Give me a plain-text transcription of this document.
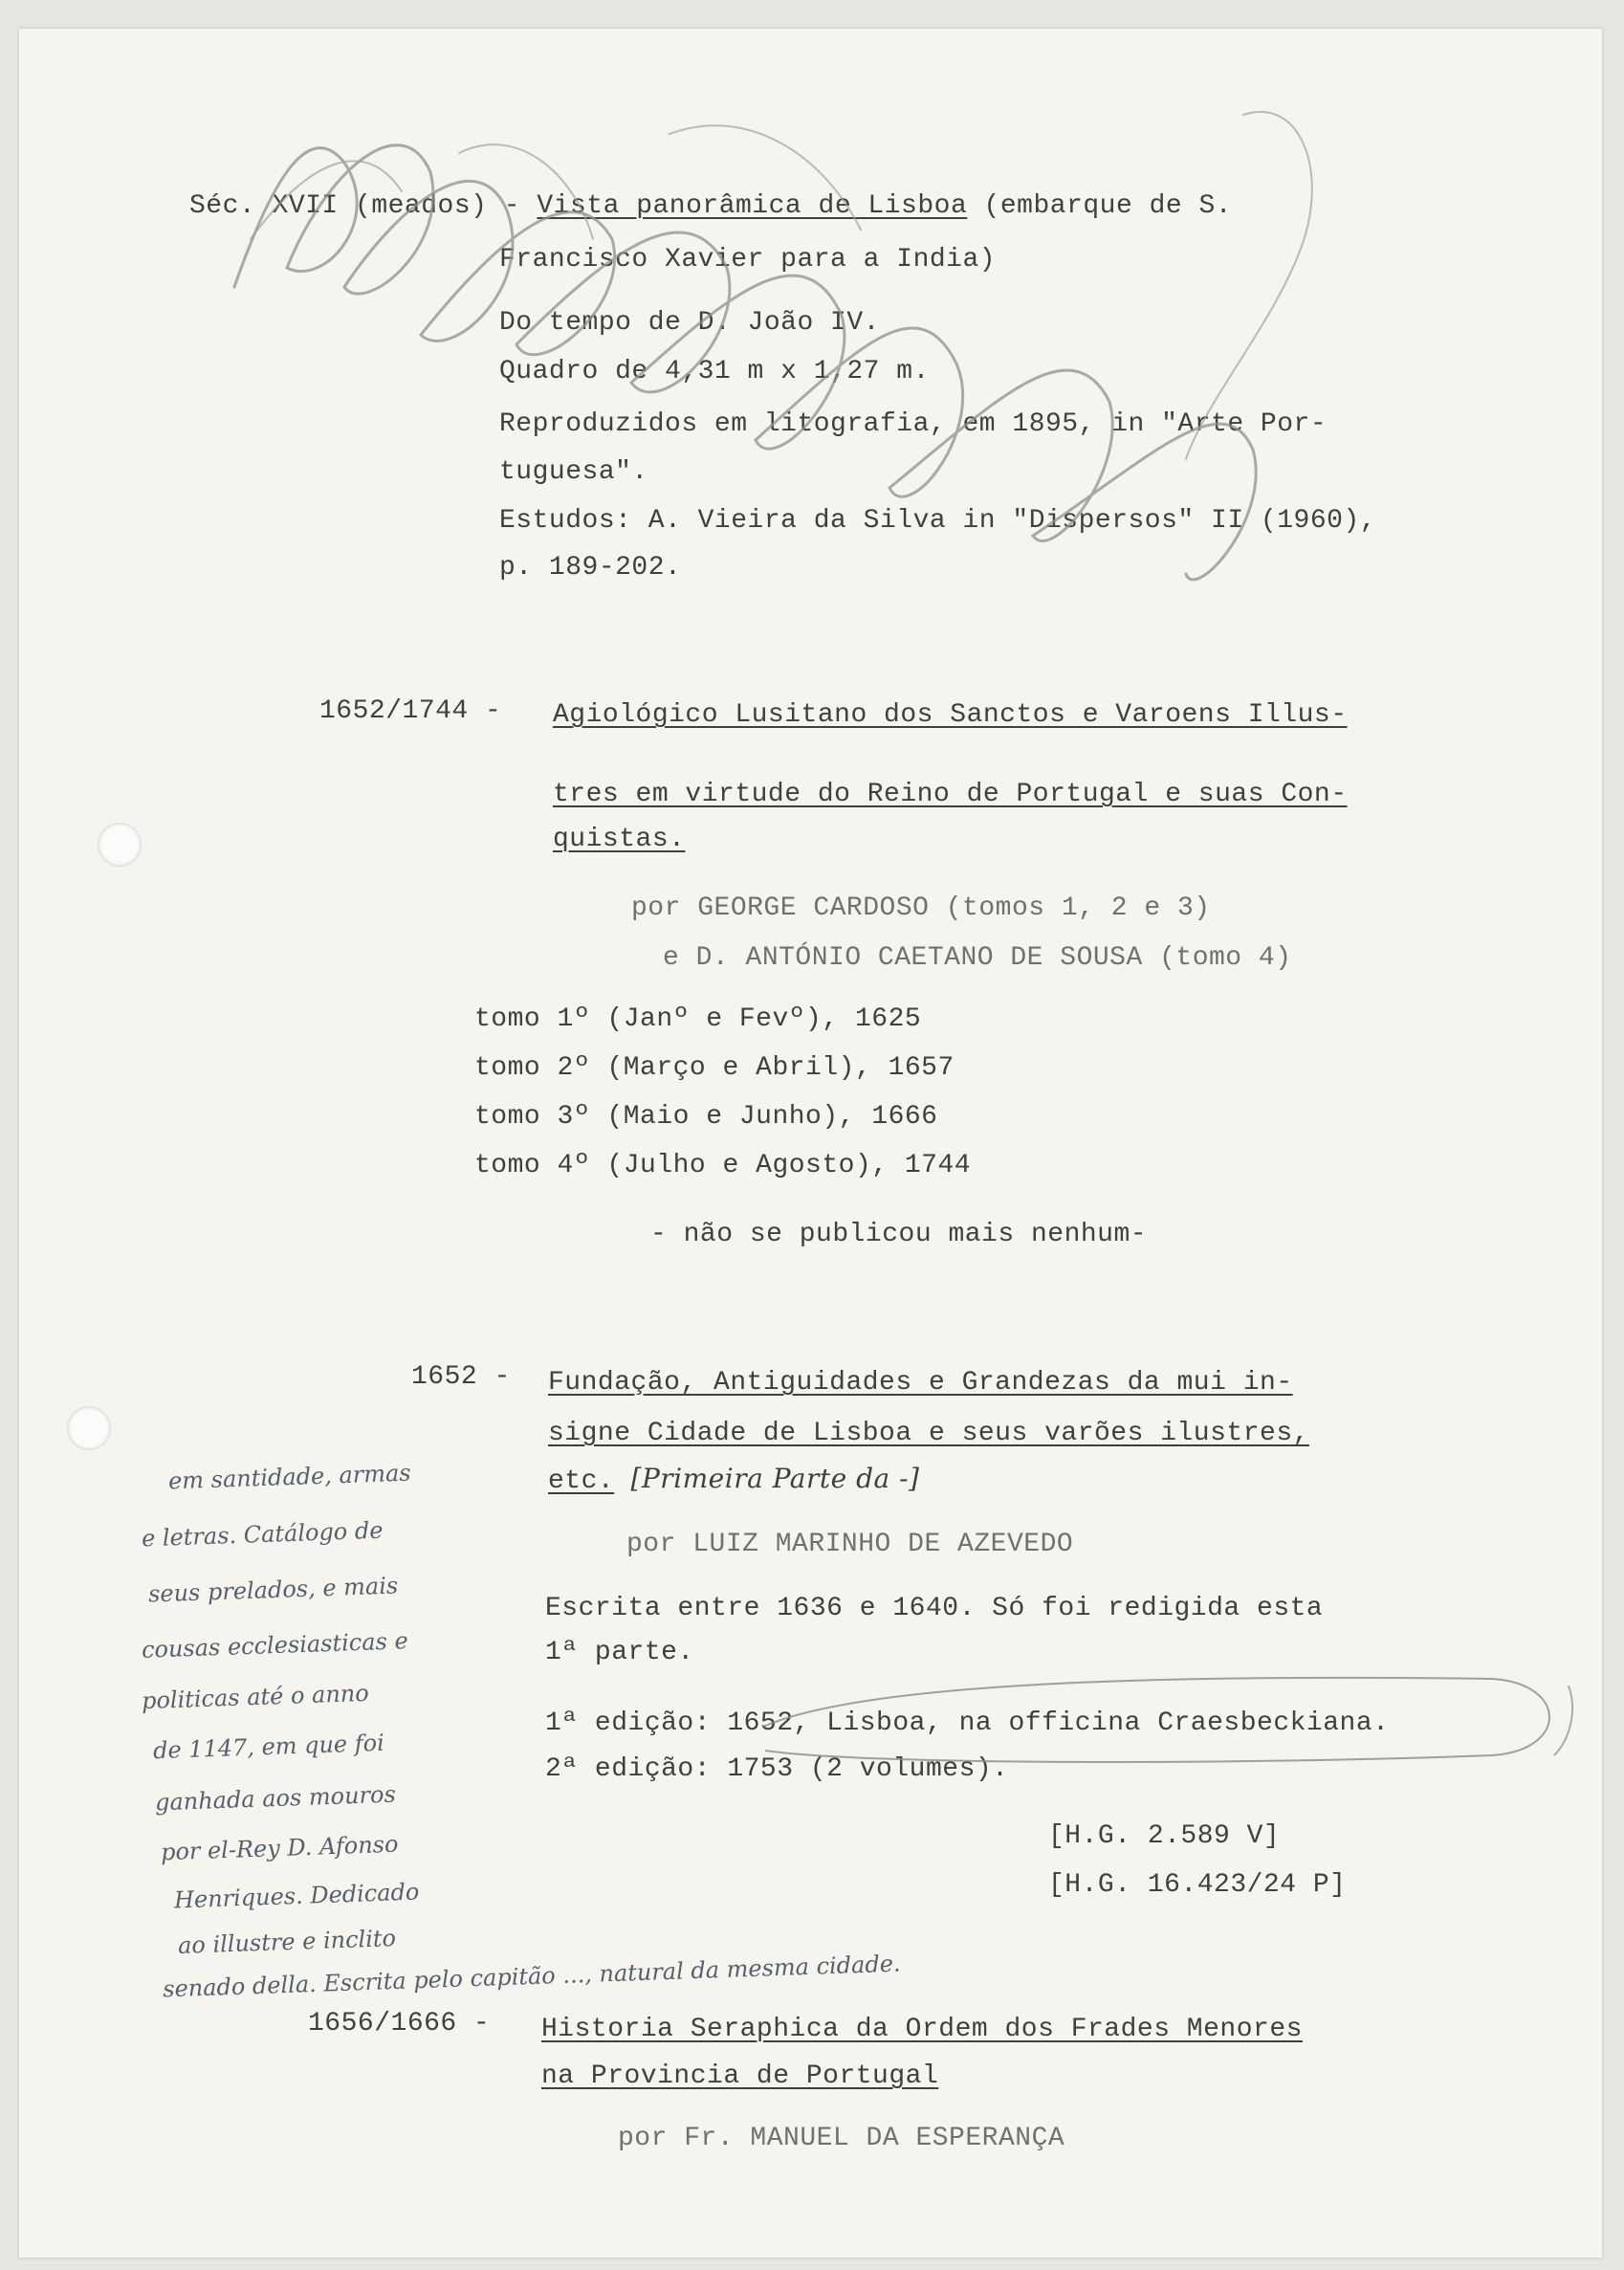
Séc. XVII (meados) - Vista panorâmica de Lisboa (embarque de S.
Francisco Xavier para a India)
Do tempo de D. João IV.
Quadro de 4,31 m x 1,27 m.
Reproduzidos em litografia, em 1895, in "Arte Por-
tuguesa".
Estudos: A. Vieira da Silva in "Dispersos" II (1960),
p. 189-202.
1652/1744 - Agiológico Lusitano dos Sanctos e Varoens Illus-
tres em virtude do Reino de Portugal e suas Con-
quistas.
por GEORGE CARDOSO (tomos 1, 2 e 3)
e D. ANTÓNIO CAETANO DE SOUSA (tomo 4)
tomo 1º (Janº e Fevº), 1625
tomo 2º (Março e Abril), 1657
tomo 3º (Maio e Junho), 1666
tomo 4º (Julho e Agosto), 1744
- não se publicou mais nenhum-
1652 - Fundação, Antiguidades e Grandezas da mui in-
signe Cidade de Lisboa e seus varões ilustres,
etc. [Primeira Parte da -]
por LUIZ MARINHO DE AZEVEDO
Escrita entre 1636 e 1640. Só foi redigida esta
1ª parte.
1ª edição: 1652, Lisboa, na officina Craesbeckiana.
2ª edição: 1753 (2 volumes).
[H.G. 2.589 V]
[H.G. 16.423/24 P]
em santidade, armas
e letras. Catálogo de
seus prelados, e mais
cousas ecclesiasticas e
politicas até o anno
de 1147, em que foi
ganhada aos mouros
por el-Rey D. Afonso
Henriques. Dedicado
ao illustre e inclito
senado della. Escrita pelo capitão ..., natural da mesma cidade.
1656/1666 - Historia Seraphica da Ordem dos Frades Menores
na Provincia de Portugal
por Fr. MANUEL DA ESPERANÇA
